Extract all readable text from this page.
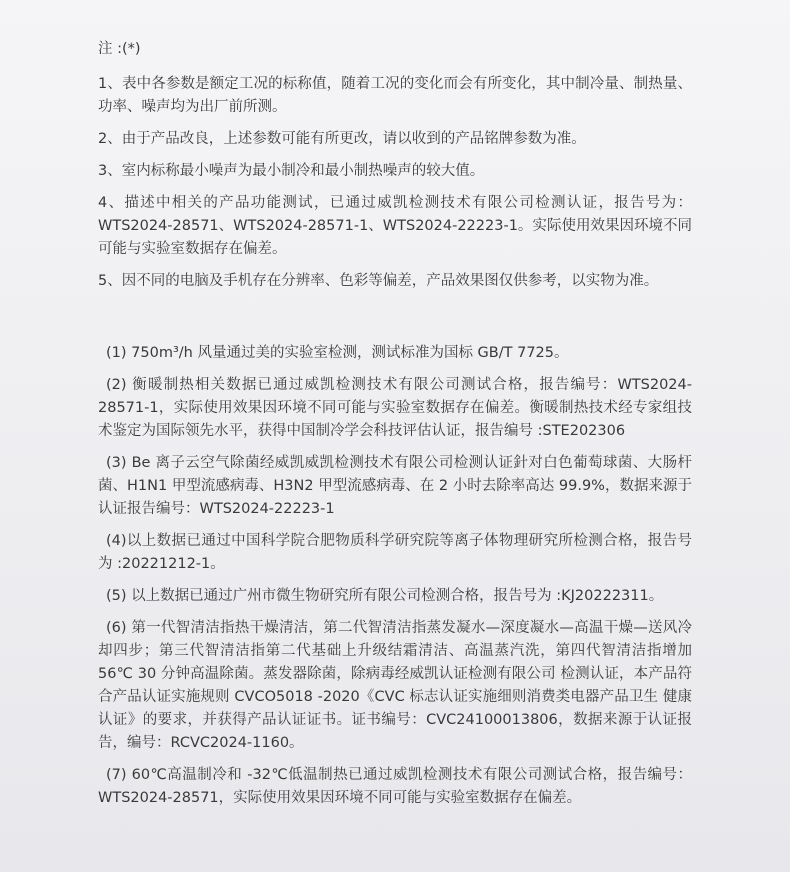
注 :(*)

1、表中各参数是额定工况的标称值，随着工况的变化而会有所变化，其中制冷量、制热量、功率、噪声均为出厂前所测。

2、由于产品改良，上述参数可能有所更改，请以收到的产品铭牌参数为准。

3、室内标称最小噪声为最小制冷和最小制热噪声的较大值。

4、描述中相关的产品功能测试，已通过威凯检测技术有限公司检测认证，报告号为：WTS2024-28571、WTS2024-28571-1、WTS2024-22223-1。实际使用效果因环境不同可能与实验室数据存在偏差。

5、因不同的电脑及手机存在分辨率、色彩等偏差，产品效果图仅供参考，以实物为准。

(1) 750m³/h 风量通过美的实验室检测，测试标准为国标 GB/T 7725。

(2) 衡暖制热相关数据已通过威凯检测技术有限公司测试合格，报告编号：WTS2024-28571-1，实际使用效果因环境不同可能与实验室数据存在偏差。衡暖制热技术经专家组技术鉴定为国际领先水平，获得中国制冷学会科技评估认证，报告编号 :STE202306

(3) Be 离子云空气除菌经威凯威凯检测技术有限公司检测认证針对白色葡萄球菌、大肠杆菌、H1N1 甲型流感病毒、H3N2 甲型流感病毒、在 2 小时去除率高达 99.9%，数据来源于认证报告编号：WTS2024-22223-1

(4)以上数据已通过中国科学院合肥物质科学研究院等离子体物理研究所检测合格，报告号为 :20221212-1。

(5) 以上数据已通过广州市微生物研究所有限公司检测合格，报告号为 :KJ20222311。

(6) 第一代智清洁指热干燥清洁，第二代智清洁指蒸发凝水—深度凝水—高温干燥—送风冷却四步；第三代智清洁指第二代基础上升级结霜清洁、高温蒸汽洗，第四代智清洁指增加 56℃ 30 分钟高温除菌。蒸发器除菌，除病毒经威凯认证检测有限公司 检测认证，本产品符合产品认证实施规则 CVCO5018 -2020《CVC 标志认证实施细则消费类电器产品卫生 健康认证》的要求，并获得产品认证证书。证书编号：CVC24100013806，数据来源于认证报告，编号：RCVC2024-1160。

(7) 60℃高温制冷和 -32℃低温制热已通过威凯检测技术有限公司测试合格，报告编号：WTS2024-28571，实际使用效果因环境不同可能与实验室数据存在偏差。
